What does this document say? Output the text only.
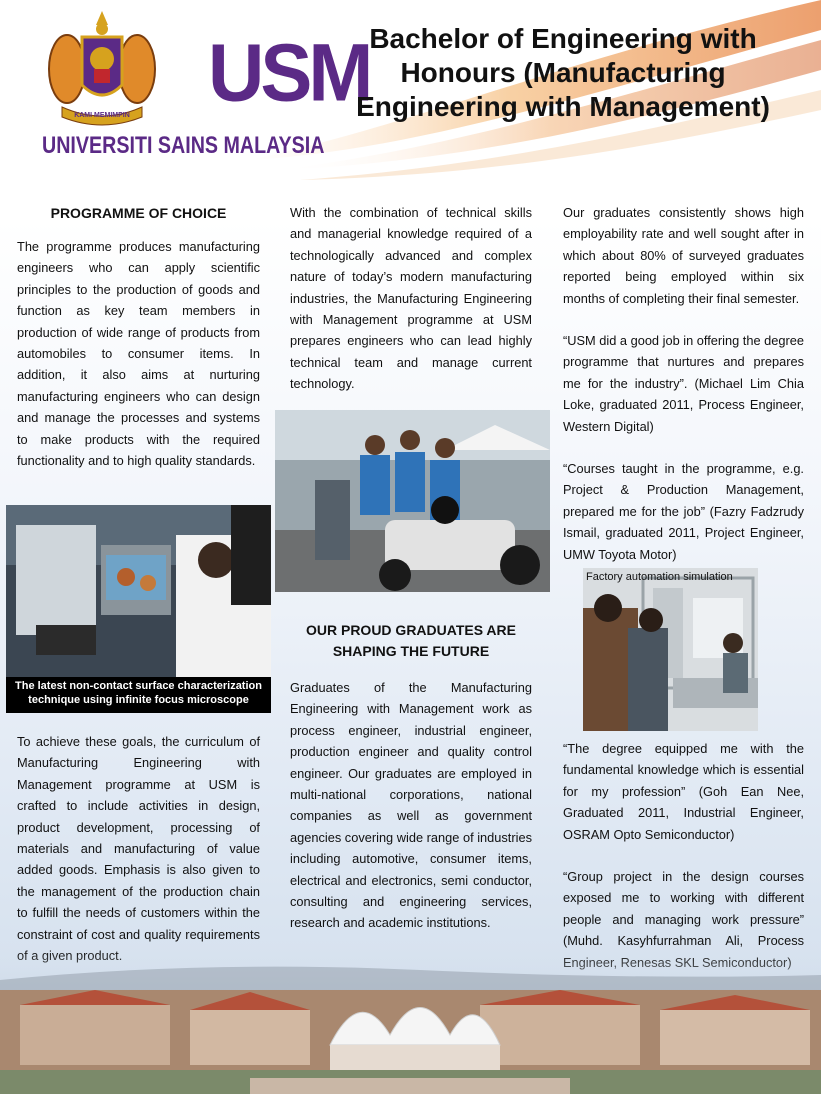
KAMI MEMIMPIN USM
UNIVERSITI SAINS MALAYSIA
Bachelor of Engineering with Honours (Manufacturing Engineering with Management)

PROGRAMME OF CHOICE

The programme produces manufacturing engineers who can apply scientific principles to the production of goods and function as key team members in production of wide range of products from automobiles to consumer items. In addition, it also aims at nurturing manufacturing engineers who can design and manage the processes and systems to make products with the required functionality and to high quality standards.

The latest non-contact surface characterization technique using infinite focus microscope

To achieve these goals, the curriculum of Manufacturing Engineering with Management programme at USM is crafted to include activities in design, product development, processing of materials and manufacturing of value added goods. Emphasis is also given to the management of the production chain to fulfill the needs of customers within the constraint of cost and quality requirements

With the combination of technical skills and managerial knowledge required of a technologically advanced and complex nature of today’s modern manufacturing industries, the Manufacturing Engineering with Management programme at USM prepares engineers who can lead highly technical team and manage current technology.

OUR PROUD GRADUATES ARE SHAPING THE FUTURE

Graduates of the Manufacturing Engineering with Management work as process engineer, industrial engineer, production engineer and quality control engineer. Our graduates are employed in multi-national corporations, national companies as well as government agencies covering wide range of industries including automotive, consumer items, electrical and electronics, semi conductor, consulting and engineering services, research and academic institutions.

Our graduates consistently shows high employability rate and well sought after in which about 80% of surveyed graduates reported being employed within six months of completing their final semester.

“USM did a good job in offering the degree programme that nurtures and prepares me for the industry”. (Michael Lim Chia Loke, graduated 2011, Process Engineer, Western Digital)

“Courses taught in the programme, e.g. Project & Production Management, prepared me for the job” (Fazry Fadzrudy Ismail, graduated 2011, Project Engineer, UMW Toyota Motor)

Factory automation simulation

“The degree equipped me with the fundamental knowledge which is essential for my profession” (Goh Ean Nee, Graduated 2011, Industrial Engineer, OSRAM Opto Semiconductor)

“Group project in the design courses exposed me to working with different people and managing work pressure” (Muhd. Kasyhfurrahman Ali, Process
